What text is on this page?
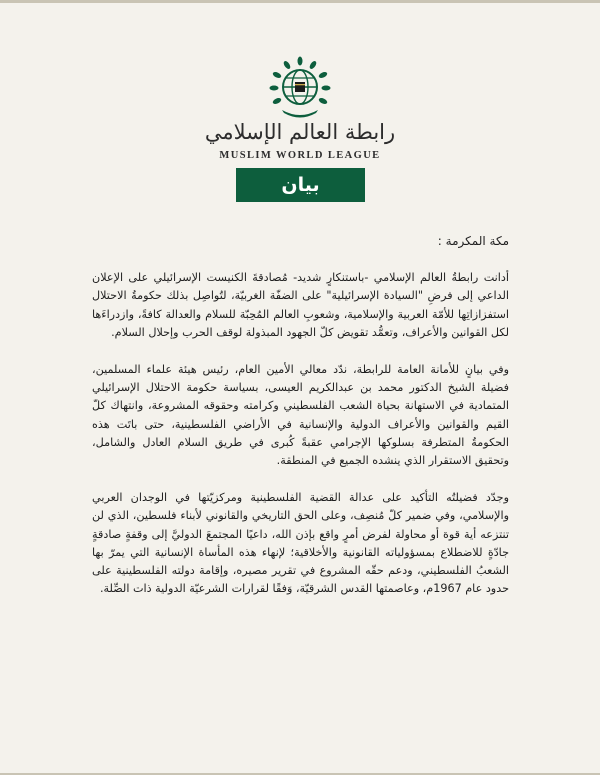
رابطة العالم الإسلامي
MUSLIM WORLD LEAGUE
بيان

مكة المكرمة :

أدانت رابطةُ العالم الإسلامي -باستنكارٍ شديد- مُصادقةَ الكنيست الإسرائيلي على الإعلان الداعي إلى فرضِ "السيادة الإسرائيلية" على الضفّة الغربيّة، لتُواصِل بذلك حكومةُ الاحتلال استفزازاتِها للأمّة العربية والإسلامية، وشعوبِ العالم المُحِبّة للسلام والعدالة كافةً، وازدراءَها لكل القوانين والأعراف، وتعمُّد تقويض كلّ الجهود المبذولة لوقف الحرب وإحلال السلام.

وفي بيانٍ للأمانة العامة للرابطة، ندّد معالي الأمين العام، رئيس هيئة علماء المسلمين، فضيلة الشيخ الدكتور محمد بن عبدالكريم العيسى، بسياسة حكومة الاحتلال الإسرائيلي المتمادية في الاستهانة بحياة الشعب الفلسطيني وكرامته وحقوقه المشروعة، وانتهاك كلّ القيم والقوانين والأعراف الدولية والإنسانية في الأراضي الفلسطينية، حتى باتَت هذه الحكومةُ المتطرفة بسلوكها الإجرامي عقبةً كُبرى في طريق السلام العادل والشامل، وتحقيق الاستقرار الذي ينشده الجميع في المنطقة.

وجدّد فضيلتُه التأكيد على عدالة القضية الفلسطينية ومركزيّتها في الوجدان العربي والإسلامي، وفي ضمير كلّ مُنصِف، وعلى الحق التاريخي والقانوني لأبناء فلسطين، الذي لن تنتزعه أية قوة أو محاولة لفرض أمرٍ واقع بإذن الله، داعيًا المجتمعَ الدوليَّ إلى وقفةٍ صادقةٍ جادّةٍ للاضطلاع بمسؤولياته القانونية والأخلاقية؛ لإنهاء هذه المأساة الإنسانية التي يمرّ بها الشعبُ الفلسطيني، ودعم حقّه المشروع في تقرير مصيره، وإقامة دولته الفلسطينية على حدود عام 1967م، وعاصمتها القدس الشرقيّة، وَفقًا لقرارات الشرعيّة الدولية ذات الصِّلة.
